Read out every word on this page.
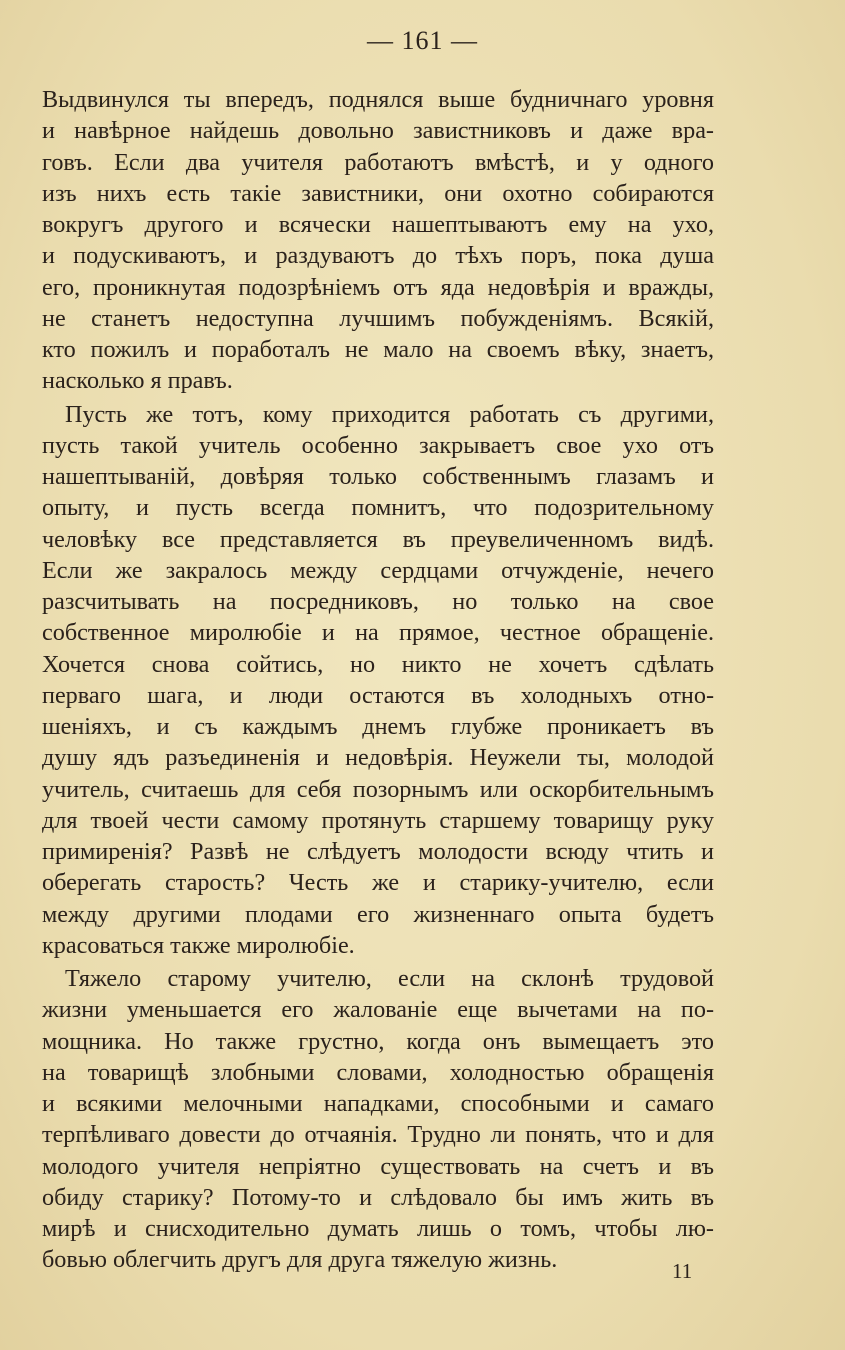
— 161 —
Выдвинулся ты впередъ, поднялся выше будничнаго уровня
и навѣрное найдешь довольно завистниковъ и даже вра-
говъ. Если два учителя работаютъ вмѣстѣ, и у одного
изъ нихъ есть такіе завистники, они охотно собираются
вокругъ другого и всячески нашептываютъ ему на ухо,
и подускиваютъ, и раздуваютъ до тѣхъ поръ, пока душа
его, проникнутая подозрѣніемъ отъ яда недовѣрія и вражды,
не станетъ недоступна лучшимъ побужденіямъ. Всякій,
кто пожилъ и поработалъ не мало на своемъ вѣку, знаетъ,
насколько я правъ.
Пусть же тотъ, кому приходится работать съ другими,
пусть такой учитель особенно закрываетъ свое ухо отъ
нашептываній, довѣряя только собственнымъ глазамъ и
опыту, и пусть всегда помнитъ, что подозрительному
человѣку все представляется въ преувеличенномъ видѣ.
Если же закралось между сердцами отчужденіе, нечего
разсчитывать на посредниковъ, но только на свое
собственное миролюбіе и на прямое, честное обращеніе.
Хочется снова сойтись, но никто не хочетъ сдѣлать
перваго шага, и люди остаются въ холодныхъ отно-
шеніяхъ, и съ каждымъ днемъ глубже проникаетъ въ
душу ядъ разъединенія и недовѣрія. Неужели ты, молодой
учитель, считаешь для себя позорнымъ или оскорбительнымъ
для твоей чести самому протянуть старшему товарищу руку
примиренія? Развѣ не слѣдуетъ молодости всюду чтить и
оберегать старость? Честь же и старику-учителю, если
между другими плодами его жизненнаго опыта будетъ
красоваться также миролюбіе.
Тяжело старому учителю, если на склонѣ трудовой
жизни уменьшается его жалованіе еще вычетами на по-
мощника. Но также грустно, когда онъ вымещаетъ это
на товарищѣ злобными словами, холодностью обращенія
и всякими мелочными нападками, способными и самаго
терпѣливаго довести до отчаянія. Трудно ли понять, что и для
молодого учителя непріятно существовать на счетъ и въ
обиду старику? Потому-то и слѣдовало бы имъ жить въ
мирѣ и снисходительно думать лишь о томъ, чтобы лю-
бовью облегчить другъ для друга тяжелую жизнь.	11
